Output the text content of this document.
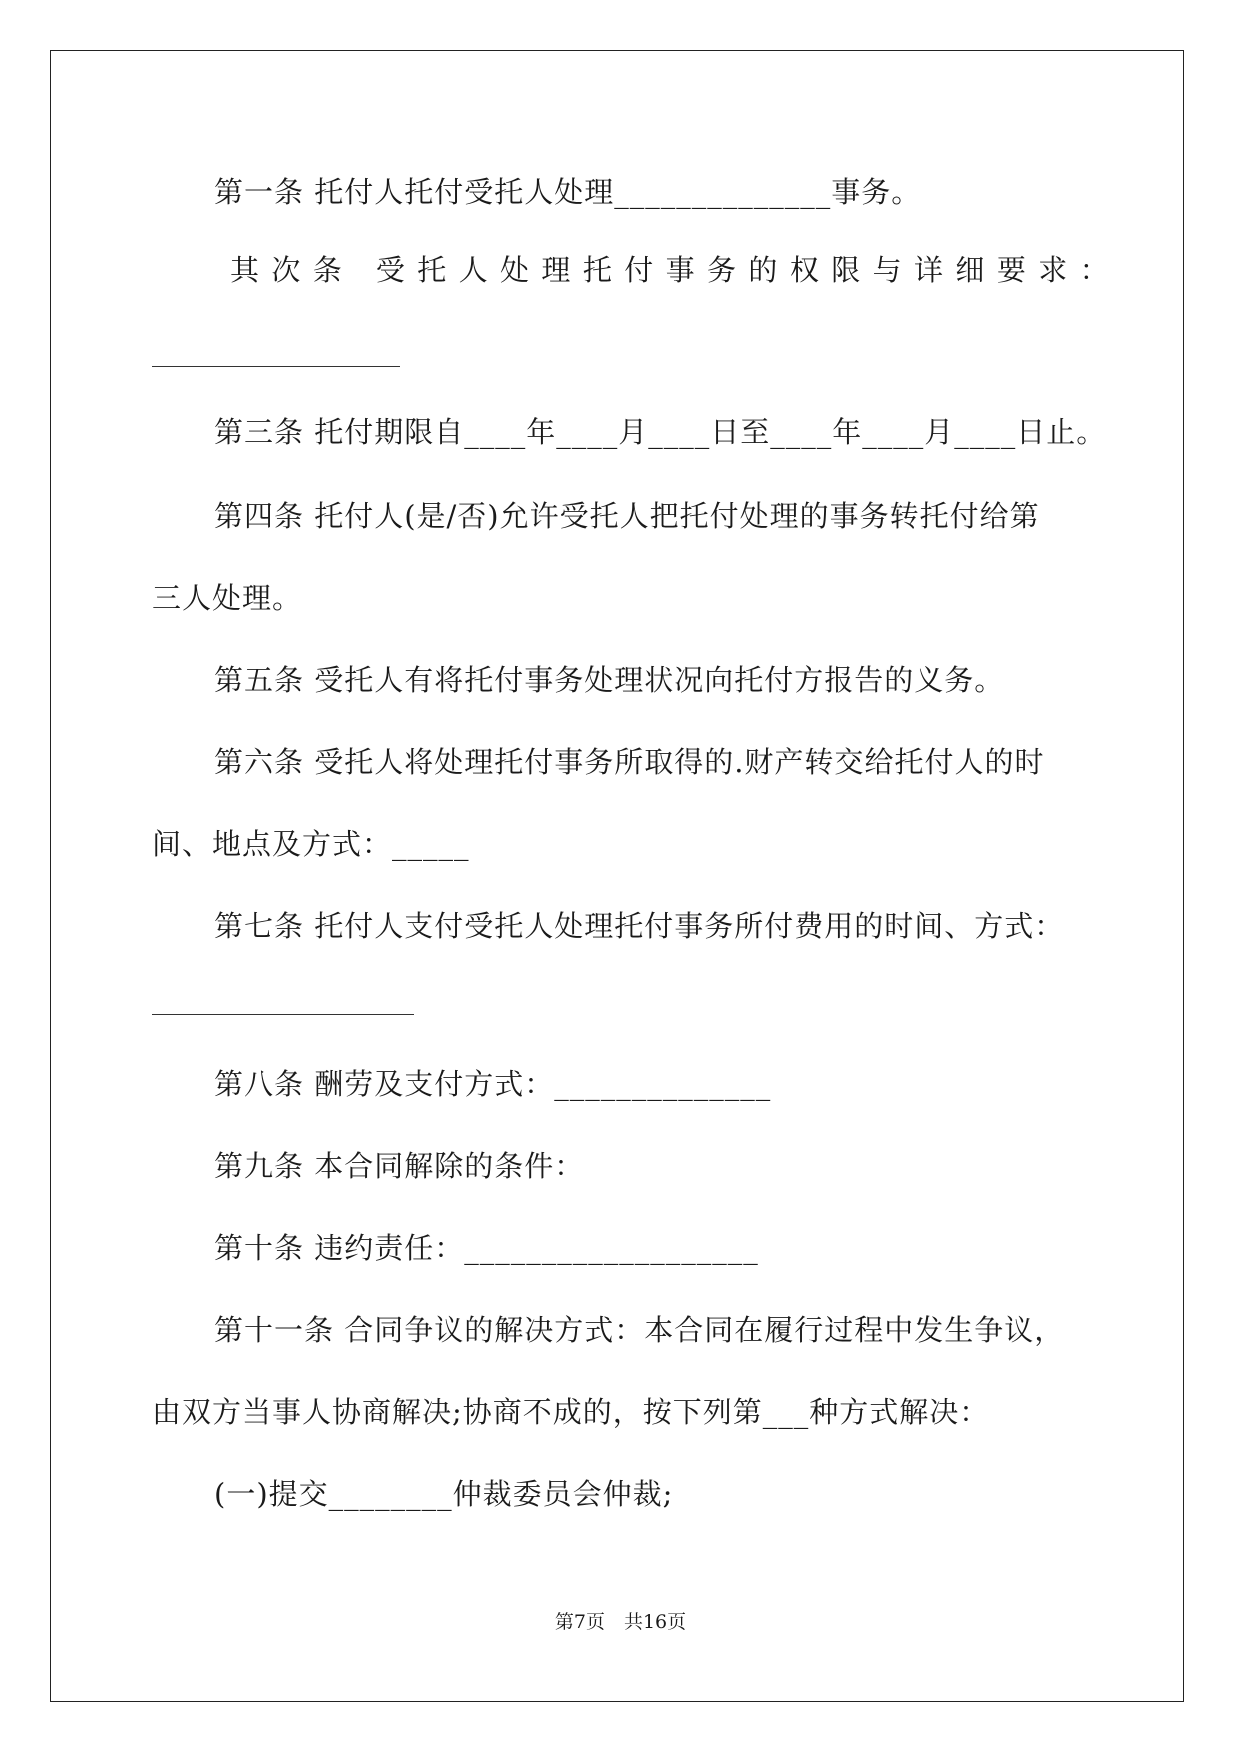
第一条 托付人托付受托人处理______________事务。
其次条 受托人处理托付事务的权限与详细要求：
第三条 托付期限自____年____月____日至____年____月____日止。
第四条 托付人(是/否)允许受托人把托付处理的事务转托付给第
三人处理。
第五条 受托人有将托付事务处理状况向托付方报告的义务。
第六条 受托人将处理托付事务所取得的.财产转交给托付人的时
间、地点及方式：_____
第七条 托付人支付受托人处理托付事务所付费用的时间、方式：
第八条 酬劳及支付方式：______________
第九条 本合同解除的条件：
第十条 违约责任：___________________
第十一条 合同争议的解决方式：本合同在履行过程中发生争议，
由双方当事人协商解决;协商不成的，按下列第___种方式解决：
(一)提交________仲裁委员会仲裁;
第7页　共16页
